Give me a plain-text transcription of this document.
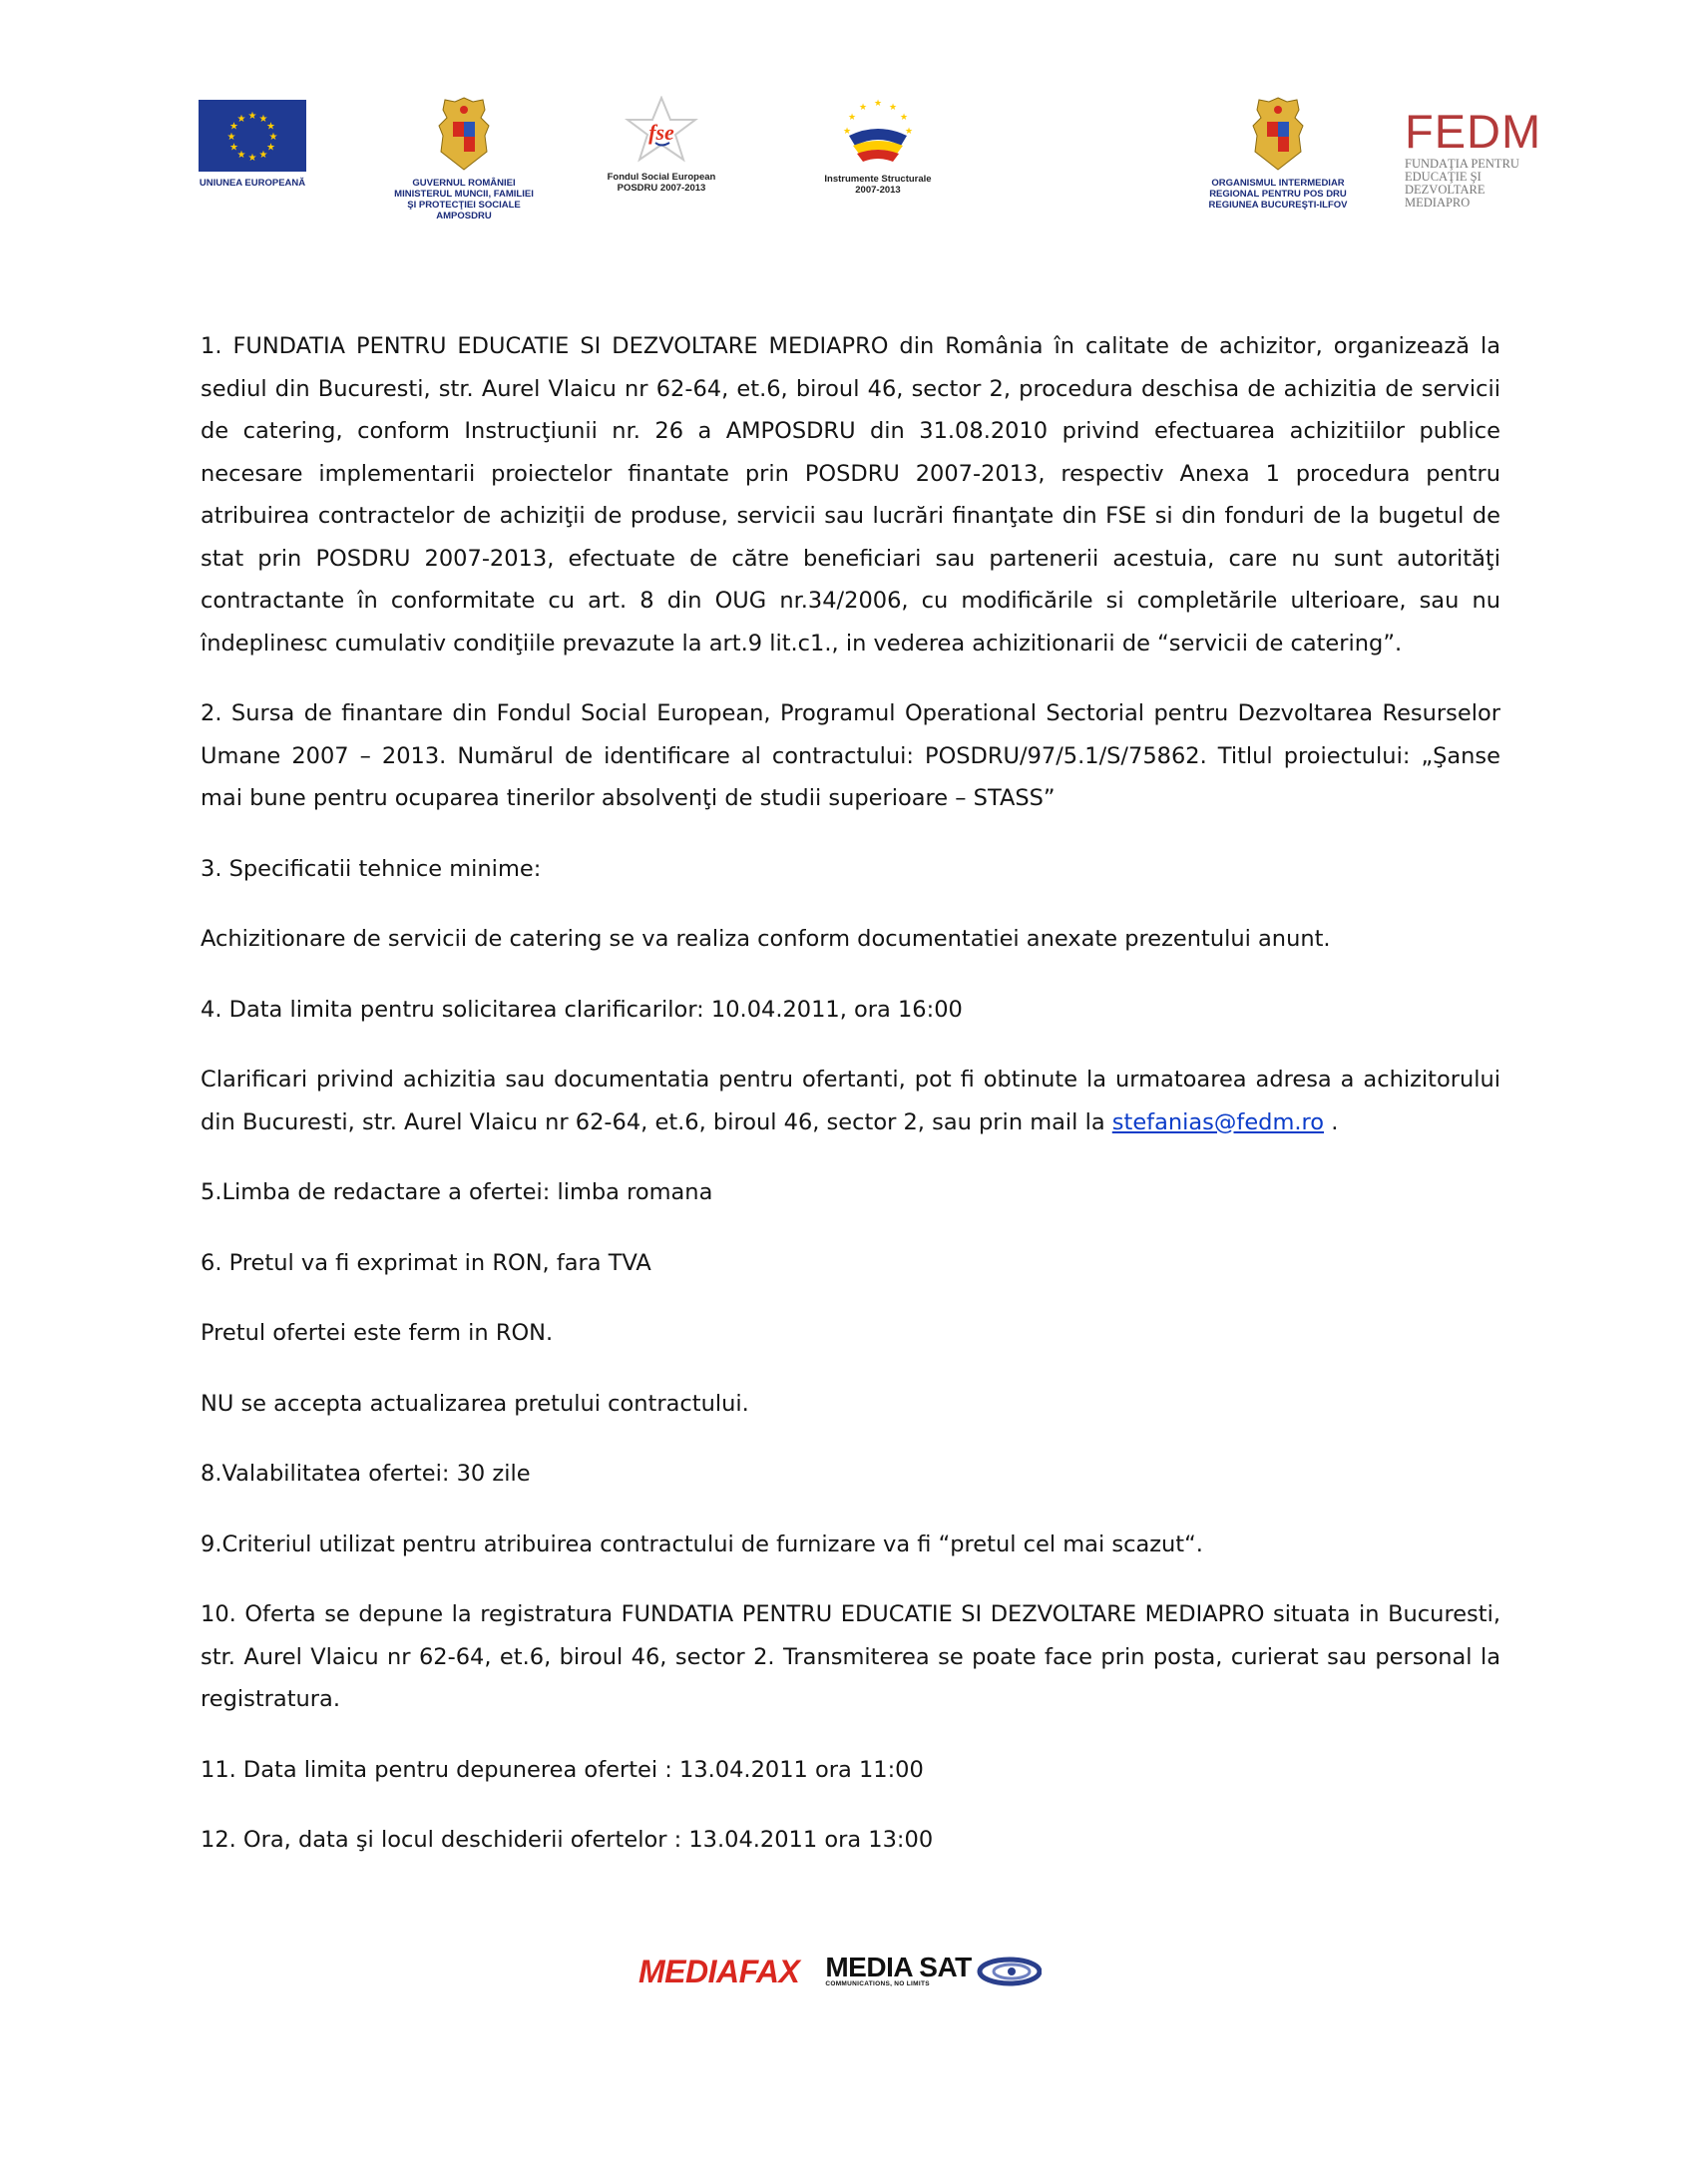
★ ★
★
★
★
★
★
★
★
★
★
★
UNIUNEA EUROPEANĂ	GUVERNUL ROMÂNIEI
MINISTERUL MUNCII, FAMILIEI
ŞI PROTECŢIEI SOCIALE
AMPOSDRU
fse
Fondul Social European
POSDRU 2007-2013
★ ★
★
★
★
★
★
Instrumente Structurale
2007-2013
ORGANISMUL INTERMEDIAR
REGIONAL PENTRU POS DRU
REGIUNEA BUCUREŞTI-ILFOV
FEDM
FUNDAŢIA PENTRU
EDUCAŢIE ŞI DEZVOLTARE
MEDIAPRO

1. FUNDATIA PENTRU EDUCATIE SI DEZVOLTARE MEDIAPRO din România în calitate de achizitor, organizează la sediul din Bucuresti, str. Aurel Vlaicu nr 62-64, et.6, biroul 46, sector 2, procedura deschisa de achizitia de servicii de catering, conform Instrucţiunii nr. 26 a AMPOSDRU din 31.08.2010 privind efectuarea achizitiilor publice necesare implementarii proiectelor finantate prin POSDRU 2007-2013, respectiv Anexa 1 procedura pentru atribuirea contractelor de achiziţii de produse, servicii sau lucrări finanţate din FSE si din fonduri de la bugetul de stat prin POSDRU 2007-2013, efectuate de către beneficiari sau partenerii acestuia, care nu sunt autorităţi contractante în conformitate cu art. 8 din OUG nr.34/2006, cu modificările si completările ulterioare, sau nu îndeplinesc cumulativ condiţiile prevazute la art.9 lit.c1., in vederea achizitionarii de “servicii de catering”.

2. Sursa de finantare din Fondul Social European, Programul Operational Sectorial pentru Dezvoltarea Resurselor Umane 2007 – 2013. Numărul de identificare al contractului: POSDRU/97/5.1/S/75862. Titlul proiectului: „Şanse mai bune pentru ocuparea tinerilor absolvenţi de studii superioare – STASS”

3. Specificatii tehnice minime:

Achizitionare de servicii de catering se va realiza conform documentatiei anexate prezentului anunt.

4. Data limita pentru solicitarea clarificarilor: 10.04.2011, ora 16:00

Clarificari privind achizitia sau documentatia pentru ofertanti, pot fi obtinute la urmatoarea adresa a achizitorului din Bucuresti, str. Aurel Vlaicu nr 62-64, et.6, biroul 46, sector 2, sau prin mail la stefanias@fedm.ro .

5.Limba de redactare a ofertei: limba romana

6. Pretul va fi exprimat in RON, fara TVA

Pretul ofertei este ferm in RON.

NU se accepta actualizarea pretului contractului.

8.Valabilitatea ofertei: 30 zile

9.Criteriul utilizat pentru atribuirea contractului de furnizare va fi “pretul cel mai scazut“.

10. Oferta se depune la registratura FUNDATIA PENTRU EDUCATIE SI DEZVOLTARE MEDIAPRO situata in Bucuresti, str. Aurel Vlaicu nr 62-64, et.6, biroul 46, sector 2. Transmiterea se poate face prin posta, curierat sau personal la registratura.

11. Data limita pentru depunerea ofertei : 13.04.2011 ora 11:00

12. Ora, data şi locul deschiderii ofertelor : 13.04.2011 ora 13:00

MEDIAFAX MEDIA SAT
COMMUNICATIONS, NO LIMITS
